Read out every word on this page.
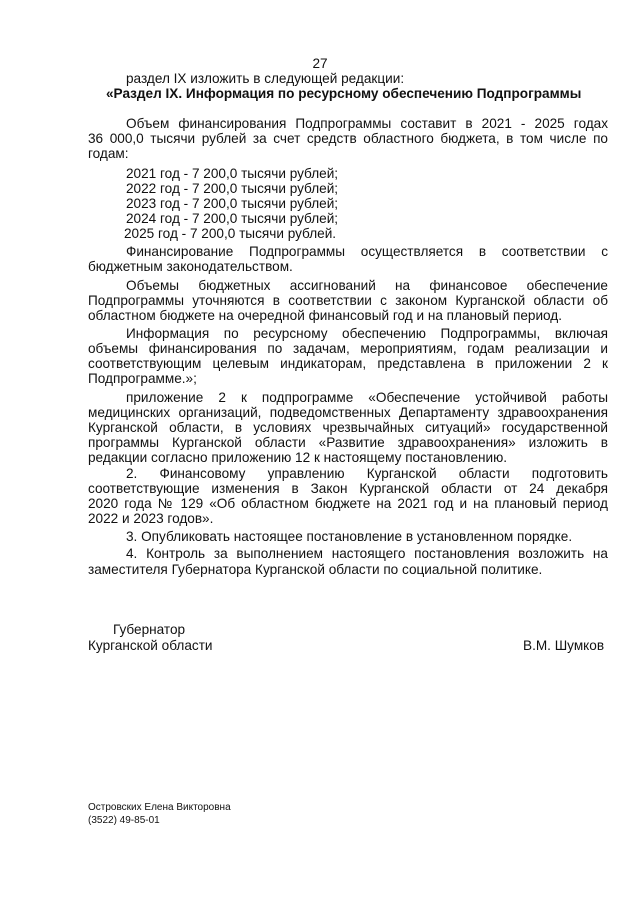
27
раздел IX изложить в следующей редакции:
«Раздел IX. Информация по ресурсному обеспечению Подпрограммы
Объем финансирования Подпрограммы составит в 2021 - 2025 годах
36 000,0 тысячи рублей за счет средств областного бюджета, в том числе по
годам:
2021 год - 7 200,0 тысячи рублей;
2022 год - 7 200,0 тысячи рублей;
2023 год - 7 200,0 тысячи рублей;
2024 год - 7 200,0 тысячи рублей;
2025 год - 7 200,0 тысячи рублей.
Финансирование Подпрограммы осуществляется в соответствии с
бюджетным законодательством.
Объемы бюджетных ассигнований на финансовое обеспечение
Подпрограммы уточняются в соответствии с законом Курганской области об
областном бюджете на очередной финансовый год и на плановый период.
Информация по ресурсному обеспечению Подпрограммы, включая
объемы финансирования по задачам, мероприятиям, годам реализации и
соответствующим целевым индикаторам, представлена в приложении 2 к
Подпрограмме.»;
приложение 2 к подпрограмме «Обеспечение устойчивой работы
медицинских организаций, подведомственных Департаменту здравоохранения
Курганской области, в условиях чрезвычайных ситуаций» государственной
программы Курганской области «Развитие здравоохранения» изложить в
редакции согласно приложению 12 к настоящему постановлению.
2. Финансовому управлению Курганской области подготовить
соответствующие изменения в Закон Курганской области от 24 декабря
2020 года № 129 «Об областном бюджете на 2021 год и на плановый период
2022 и 2023 годов».
3. Опубликовать настоящее постановление в установленном порядке.
4. Контроль за выполнением настоящего постановления возложить на
заместителя Губернатора Курганской области по социальной политике.
Губернатор
Курганской области	В.М. Шумков
Островских Елена Викторовна
(3522) 49-85-01
